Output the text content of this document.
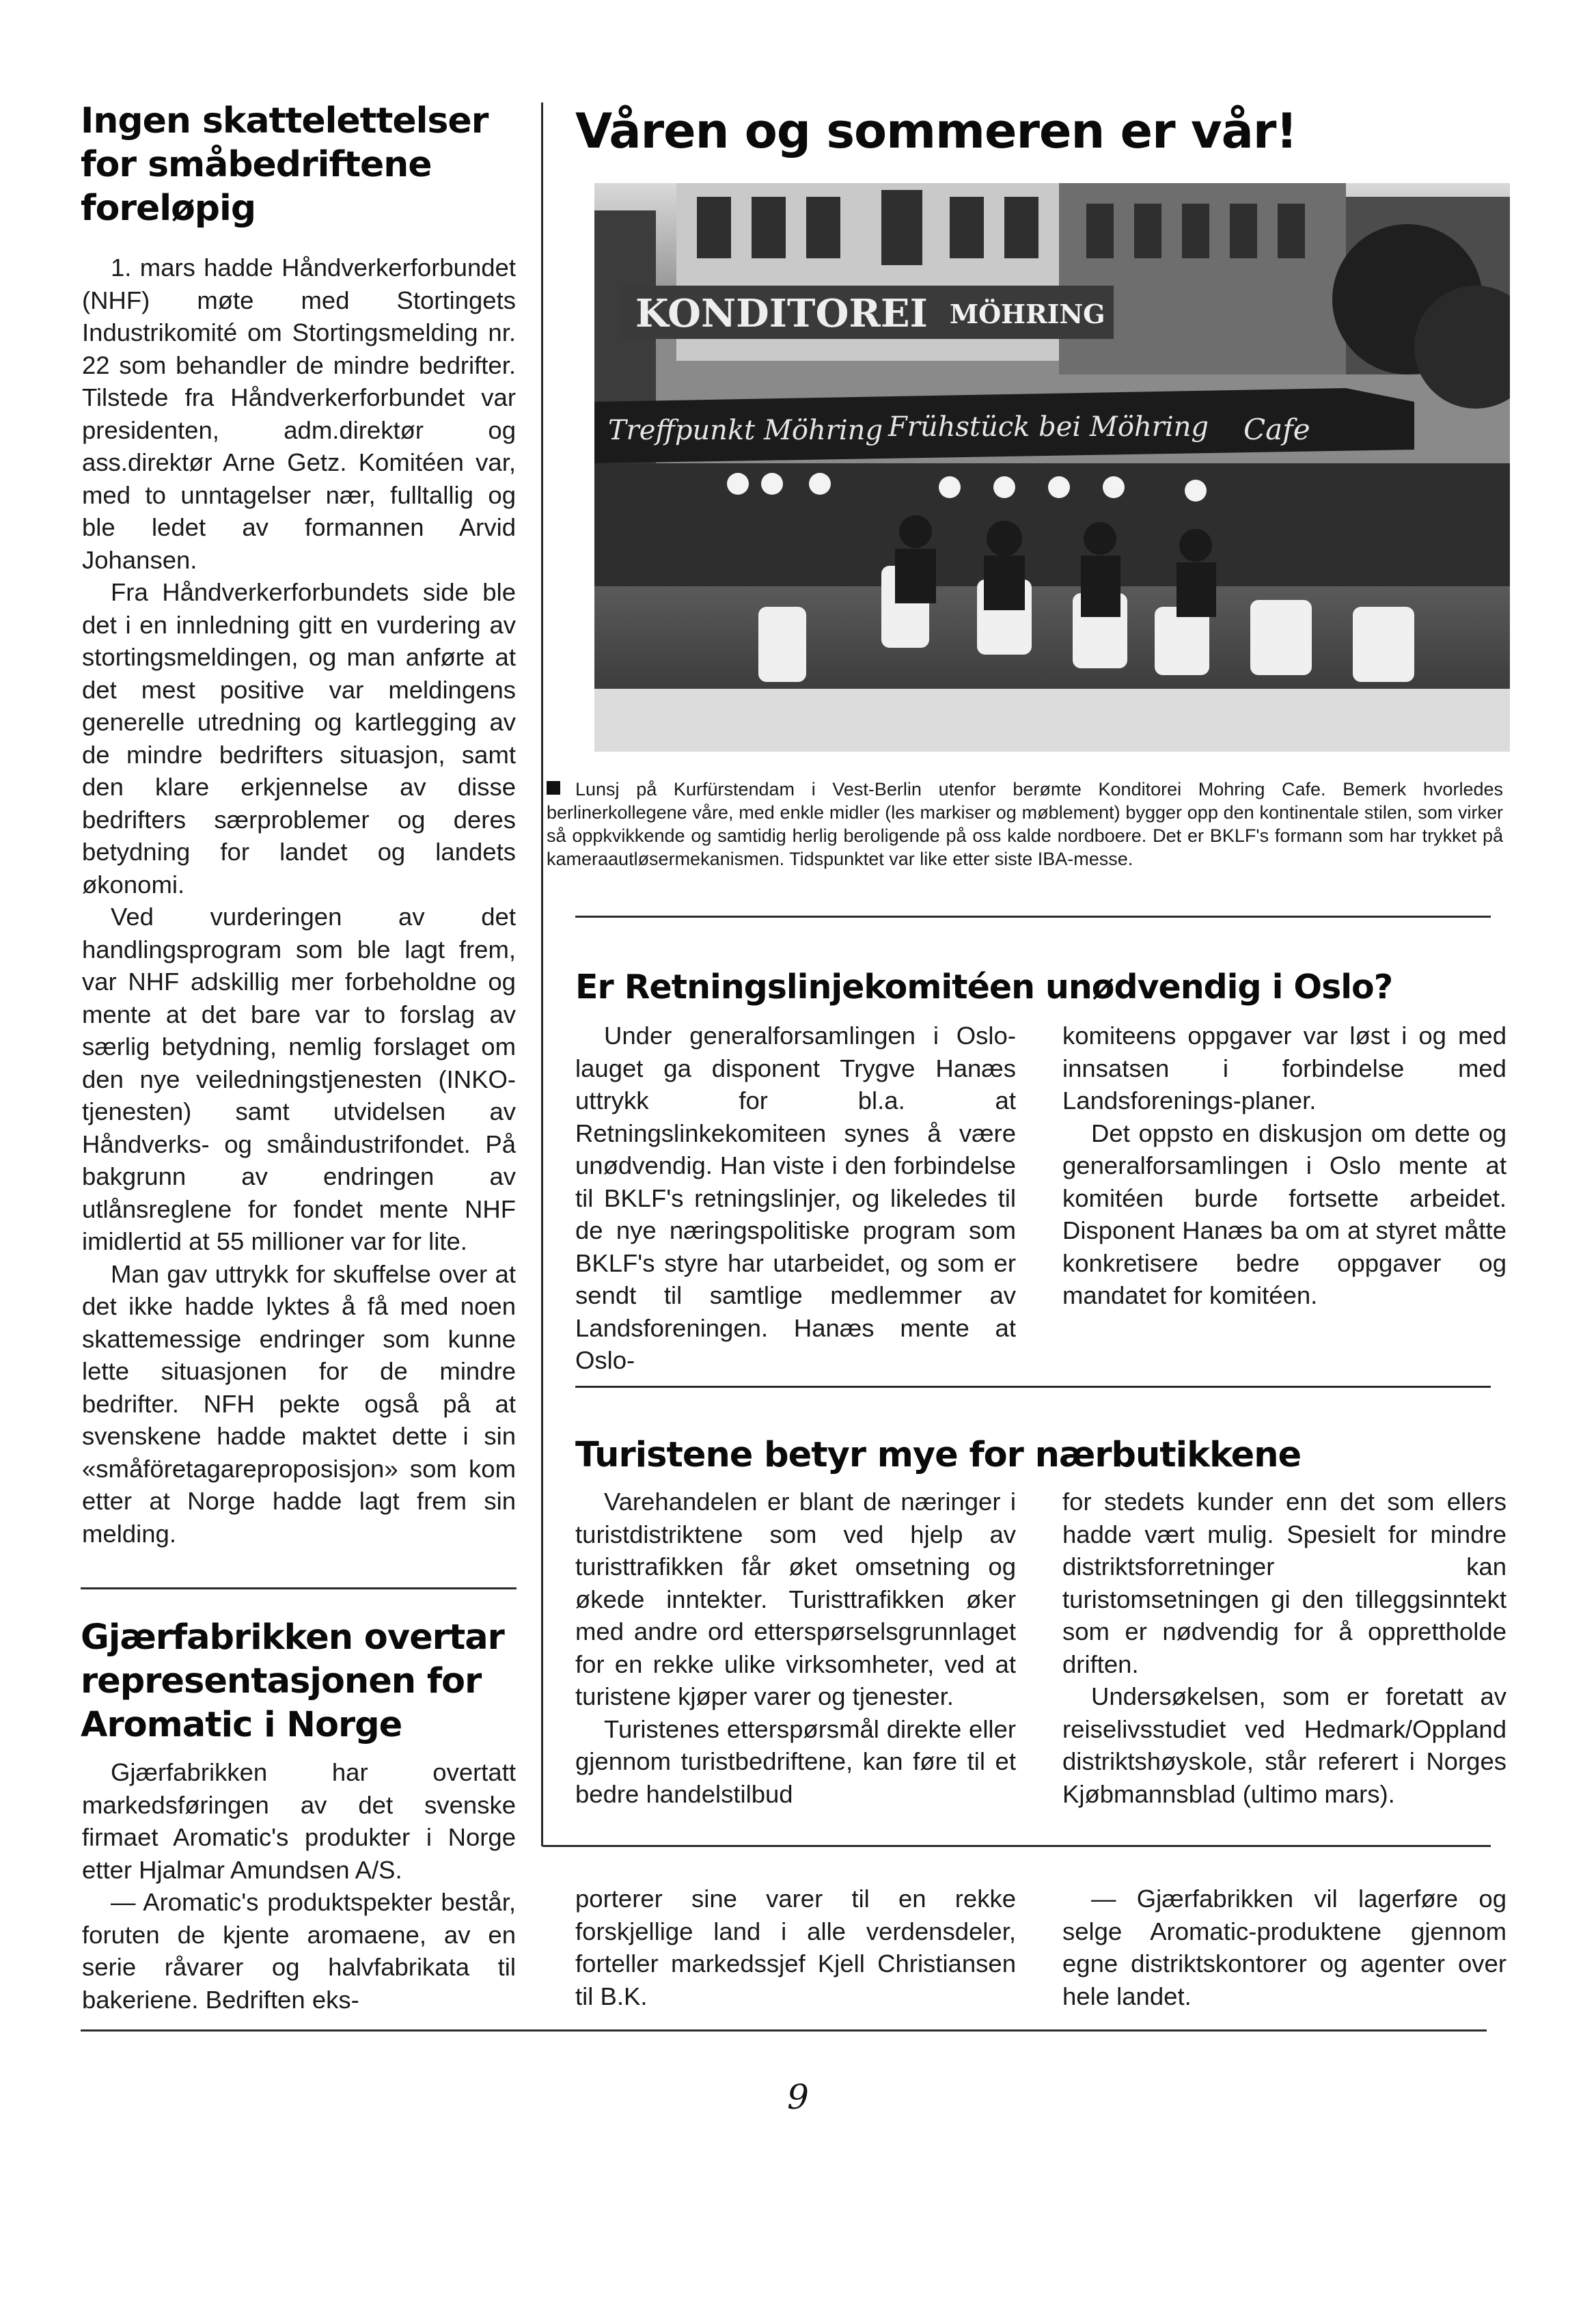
Ingen skattelettelser
for småbedriftene
foreløpig

1. mars hadde Håndverkerforbundet (NHF) møte med Stortingets Industrikomité om Stortingsmelding nr. 22 som behandler de mindre bedrifter. Tilstede fra Håndverkerforbundet var presidenten, adm.direktør og ass.direktør Arne Getz. Komitéen var, med to unntagelser nær, fulltallig og ble ledet av formannen Arvid Johansen.

Fra Håndverkerforbundets side ble det i en innledning gitt en vurdering av stortingsmeldingen, og man anførte at det mest positive var meldingens generelle utredning og kartlegging av de mindre bedrifters situasjon, samt den klare erkjennelse av disse bedrifters særproblemer og deres betydning for landet og landets økonomi.

Ved vurderingen av det handlingsprogram som ble lagt frem, var NHF adskillig mer forbeholdne og mente at det bare var to forslag av særlig betydning, nemlig forslaget om den nye veiledningstjenesten (INKO-tjenesten) samt utvidelsen av Håndverks- og småindustrifondet. På bakgrunn av endringen av utlånsreglene for fondet mente NHF imidlertid at 55 millioner var for lite.

Man gav uttrykk for skuffelse over at det ikke hadde lyktes å få med noen skattemessige endringer som kunne lette situasjonen for de mindre bedrifter. NFH pekte også på at svenskene hadde maktet dette i sin «småföretagareproposisjon» som kom etter at Norge hadde lagt frem sin melding.

Gjærfabrikken overtar
representasjonen for
Aromatic i Norge

Gjærfabrikken har overtatt markedsføringen av det svenske firmaet Aromatic's produkter i Norge etter Hjalmar Amundsen A/S.

— Aromatic's produktspekter består, foruten de kjente aromaene, av en serie råvarer og halvfabrikata til bakeriene. Bedriften eks-

porterer sine varer til en rekke forskjellige land i alle verdensdeler, forteller markedssjef Kjell Christiansen til B.K.

— Gjærfabrikken vil lagerføre og selge Aromatic-produktene gjennom egne distriktskontorer og agenter over hele landet.

Våren og sommeren er vår!
KONDITOREI MÖHRING
Treffpunkt Möhring Frühstück bei Möhring Cafe
Lunsj på Kurfürstendam i Vest-Berlin utenfor berømte Konditorei Mohring Cafe. Bemerk hvorledes berlinerkollegene våre, med enkle midler (les markiser og møblement) bygger opp den kontinentale stilen, som virker så oppkvikkende og samtidig herlig beroligende på oss kalde nordboere. Det er BKLF's formann som har trykket på kameraautløsermekanismen. Tidspunktet var like etter siste IBA-messe.
Er Retningslinjekomitéen unødvendig i Oslo?

Under generalforsamlingen i Oslo-lauget ga disponent Trygve Hanæs uttrykk for bl.a. at Retningslinkekomiteen synes å være unødvendig. Han viste i den forbindelse til BKLF's retningslinjer, og likeledes til de nye næringspolitiske program som BKLF's styre har utarbeidet, og som er sendt til samtlige medlemmer av Landsforeningen. Hanæs mente at Oslo-

komiteens oppgaver var løst i og med innsatsen i forbindelse med Landsforenings-planer.

Det oppsto en diskusjon om dette og generalforsamlingen i Oslo mente at komitéen burde fortsette arbeidet. Disponent Hanæs ba om at styret måtte konkretisere bedre oppgaver og mandatet for komitéen.

Turistene betyr mye for nærbutikkene

Varehandelen er blant de næringer i turistdistriktene som ved hjelp av turisttrafikken får øket omsetning og økede inntekter. Turisttrafikken øker med andre ord etterspørselsgrunnlaget for en rekke ulike virksomheter, ved at turistene kjøper varer og tjenester.

Turistenes etterspørsmål direkte eller gjennom turistbedriftene, kan føre til et bedre handelstilbud

for stedets kunder enn det som ellers hadde vært mulig. Spesielt for mindre distriktsforretninger kan turistomsetningen gi den tilleggsinntekt som er nødvendig for å opprettholde driften.

Undersøkelsen, som er foretatt av reiselivsstudiet ved Hedmark/Oppland distriktshøyskole, står referert i Norges Kjøbmannsblad (ultimo mars).

9
